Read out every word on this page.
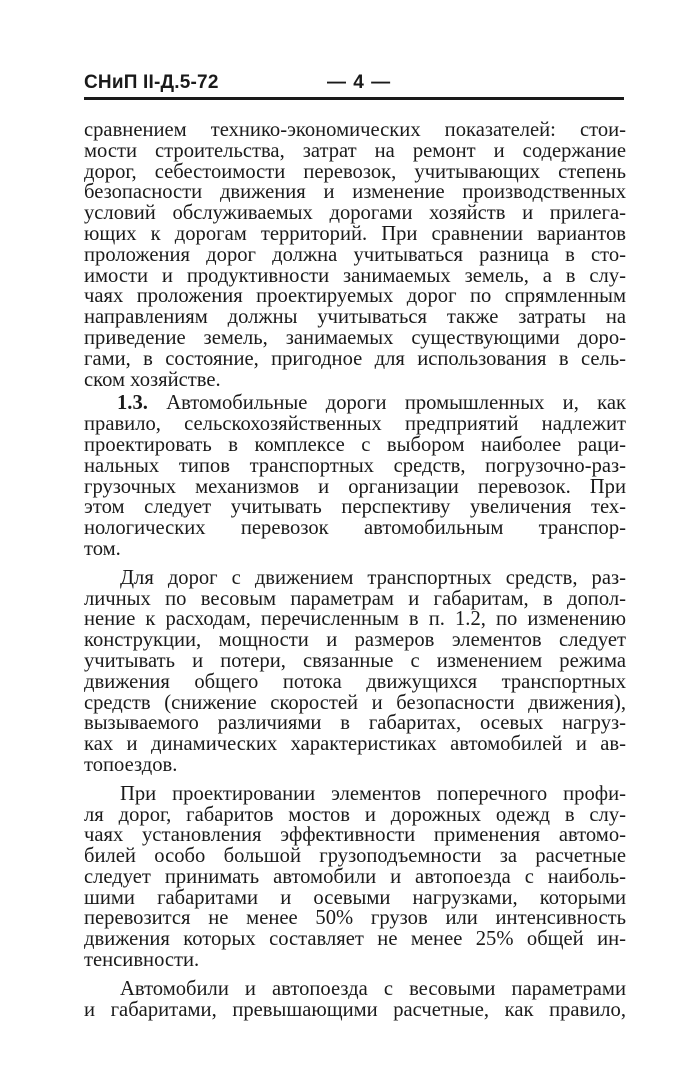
СНиП II-Д.5-72	— 4 —
сравнением технико-экономических показателей: стои-
мости строительства, затрат на ремонт и содержание
дорог, себестоимости перевозок, учитывающих степень
безопасности движения и изменение производственных
условий обслуживаемых дорогами хозяйств и прилега-
ющих к дорогам территорий. При сравнении вариантов
проложения дорог должна учитываться разница в сто-
имости и продуктивности занимаемых земель, а в слу-
чаях проложения проектируемых дорог по спрямленным
направлениям должны учитываться также затраты на
приведение земель, занимаемых существующими доро-
гами, в состояние, пригодное для использования в сель-
ском хозяйстве.
1.3. Автомобильные дороги промышленных и, как
правило, сельскохозяйственных предприятий надлежит
проектировать в комплексе с выбором наиболее раци-
нальных типов транспортных средств, погрузочно-раз-
грузочных механизмов и организации перевозок. При
этом следует учитывать перспективу увеличения тех-
нологических перевозок автомобильным транспор-
том.
Для дорог с движением транспортных средств, раз-
личных по весовым параметрам и габаритам, в допол-
нение к расходам, перечисленным в п. 1.2, по изменению
конструкции, мощности и размеров элементов следует
учитывать и потери, связанные с изменением режима
движения общего потока движущихся транспортных
средств (снижение скоростей и безопасности движения),
вызываемого различиями в габаритах, осевых нагруз-
ках и динамических характеристиках автомобилей и ав-
топоездов.
При проектировании элементов поперечного профи-
ля дорог, габаритов мостов и дорожных одежд в слу-
чаях установления эффективности применения автомо-
билей особо большой грузоподъемности за расчетные
следует принимать автомобили и автопоезда с наиболь-
шими габаритами и осевыми нагрузками, которыми
перевозится не менее 50% грузов или интенсивность
движения которых составляет не менее 25% общей ин-
тенсивности.
Автомобили и автопоезда с весовыми параметрами
и габаритами, превышающими расчетные, как правило,
